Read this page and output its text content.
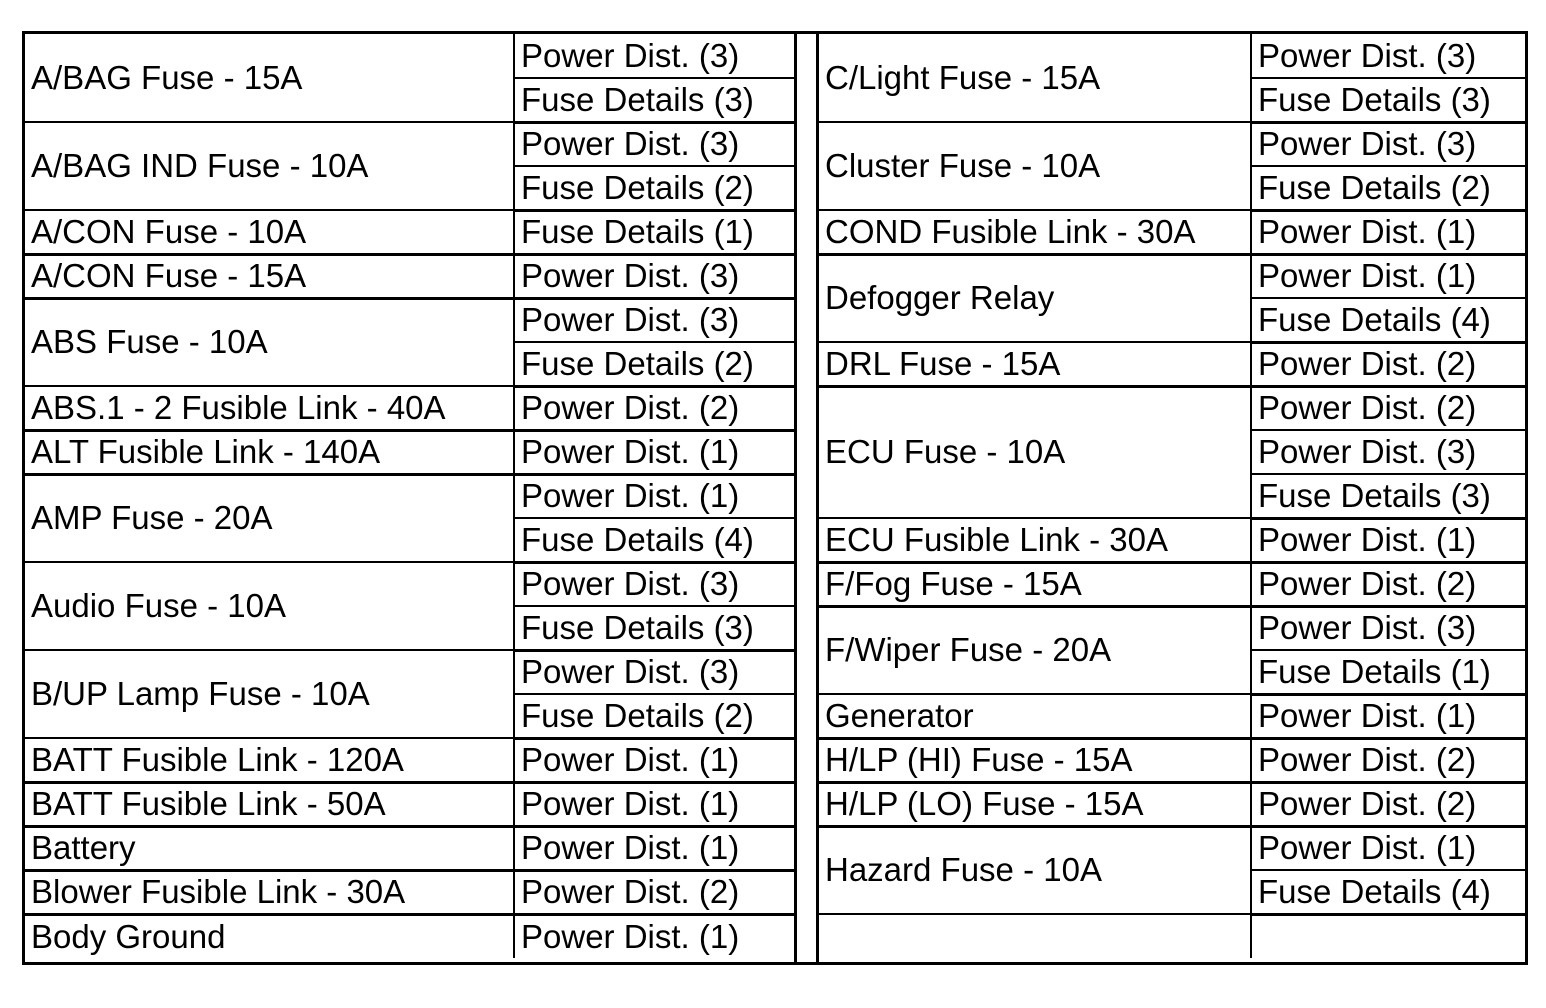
A/BAG Fuse - 15A	Power Dist. (3)
	Fuse Details (3)
A/BAG IND Fuse - 10A	Power Dist. (3)
	Fuse Details (2)
A/CON Fuse - 10A	Fuse Details (1)
A/CON Fuse - 15A	Power Dist. (3)
ABS Fuse - 10A	Power Dist. (3)
	Fuse Details (2)
ABS.1 - 2 Fusible Link - 40A	Power Dist. (2)
ALT Fusible Link - 140A	Power Dist. (1)
AMP Fuse - 20A	Power Dist. (1)
	Fuse Details (4)
Audio Fuse - 10A	Power Dist. (3)
	Fuse Details (3)
B/UP Lamp Fuse - 10A	Power Dist. (3)
	Fuse Details (2)
BATT Fusible Link - 120A	Power Dist. (1)
BATT Fusible Link - 50A	Power Dist. (1)
Battery	Power Dist. (1)
Blower Fusible Link - 30A	Power Dist. (2)
Body Ground	Power Dist. (1)
C/Light Fuse - 15A	Power Dist. (3)
	Fuse Details (3)
Cluster Fuse - 10A	Power Dist. (3)
	Fuse Details (2)
COND Fusible Link - 30A	Power Dist. (1)
Defogger Relay	Power Dist. (1)
	Fuse Details (4)
DRL Fuse - 15A	Power Dist. (2)
ECU Fuse - 10A	Power Dist. (2)
	Power Dist. (3)
	Fuse Details (3)
ECU Fusible Link - 30A	Power Dist. (1)
F/Fog Fuse - 15A	Power Dist. (2)
F/Wiper Fuse - 20A	Power Dist. (3)
	Fuse Details (1)
Generator	Power Dist. (1)
H/LP (HI) Fuse - 15A	Power Dist. (2)
H/LP (LO) Fuse - 15A	Power Dist. (2)
Hazard Fuse - 10A	Power Dist. (1)
	Fuse Details (4)
